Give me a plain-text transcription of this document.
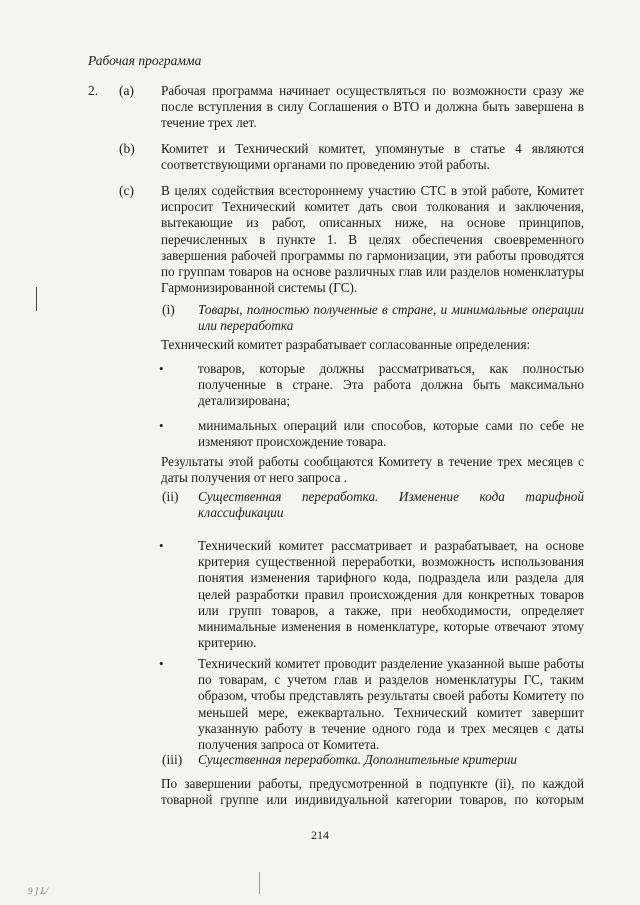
Рабочая программа
2. (a) Рабочая программа начинает осуществляться по возможности сразу же после вступления в силу Соглашения о ВТО и должна быть завершена в течение трех лет.
(b) Комитет и Технический комитет, упомянутые в статье 4 являются соответствующими органами по проведению этой работы.
(c) В целях содействия всестороннему участию СТС в этой работе, Комитет испросит Технический комитет дать свои толкования и заключения, вытекающие из работ, описанных ниже, на основе принципов, перечисленных в пункте 1. В целях обеспечения своевременного завершения рабочей программы по гармонизации, эти работы проводятся по группам товаров на основе различных глав или разделов номенклатуры Гармонизированной системы (ГС).
(i) Товары, полностью полученные в стране, и минимальные операции или переработка
Технический комитет разрабатывает согласованные определения:
•	товаров, которые должны рассматриваться, как полностью полученные в стране. Эта работа должна быть максимально детализирована;
•	минимальных операций или способов, которые сами по себе не изменяют происхождение товара.
Результаты этой работы сообщаются Комитету в течение трех месяцев с даты получения от него запроса .
(ii) Существенная переработка. Изменение кода тарифной классификации
•	Технический комитет рассматривает и разрабатывает, на основе критерия существенной переработки, возможность использования понятия изменения тарифного кода, подраздела или раздела для целей разработки правил происхождения для конкретных товаров или групп товаров, а также, при необходимости, определяет минимальные изменения в номенклатуре, которые отвечают этому критерию.
•	Технический комитет проводит разделение указанной выше работы по товарам, с учетом глав и разделов номенклатуры ГС, таким образом, чтобы представлять результаты своей работы Комитету по меньшей мере, ежеквартально. Технический комитет завершит указанную работу в течение одного года и трех месяцев с даты получения запроса от Комитета.
(iii) Существенная переработка. Дополнительные критерии
По завершении работы, предусмотренной в подпункте (ii), по каждой товарной группе или индивидуальной категории товаров, по которым
214
9 ] L/
